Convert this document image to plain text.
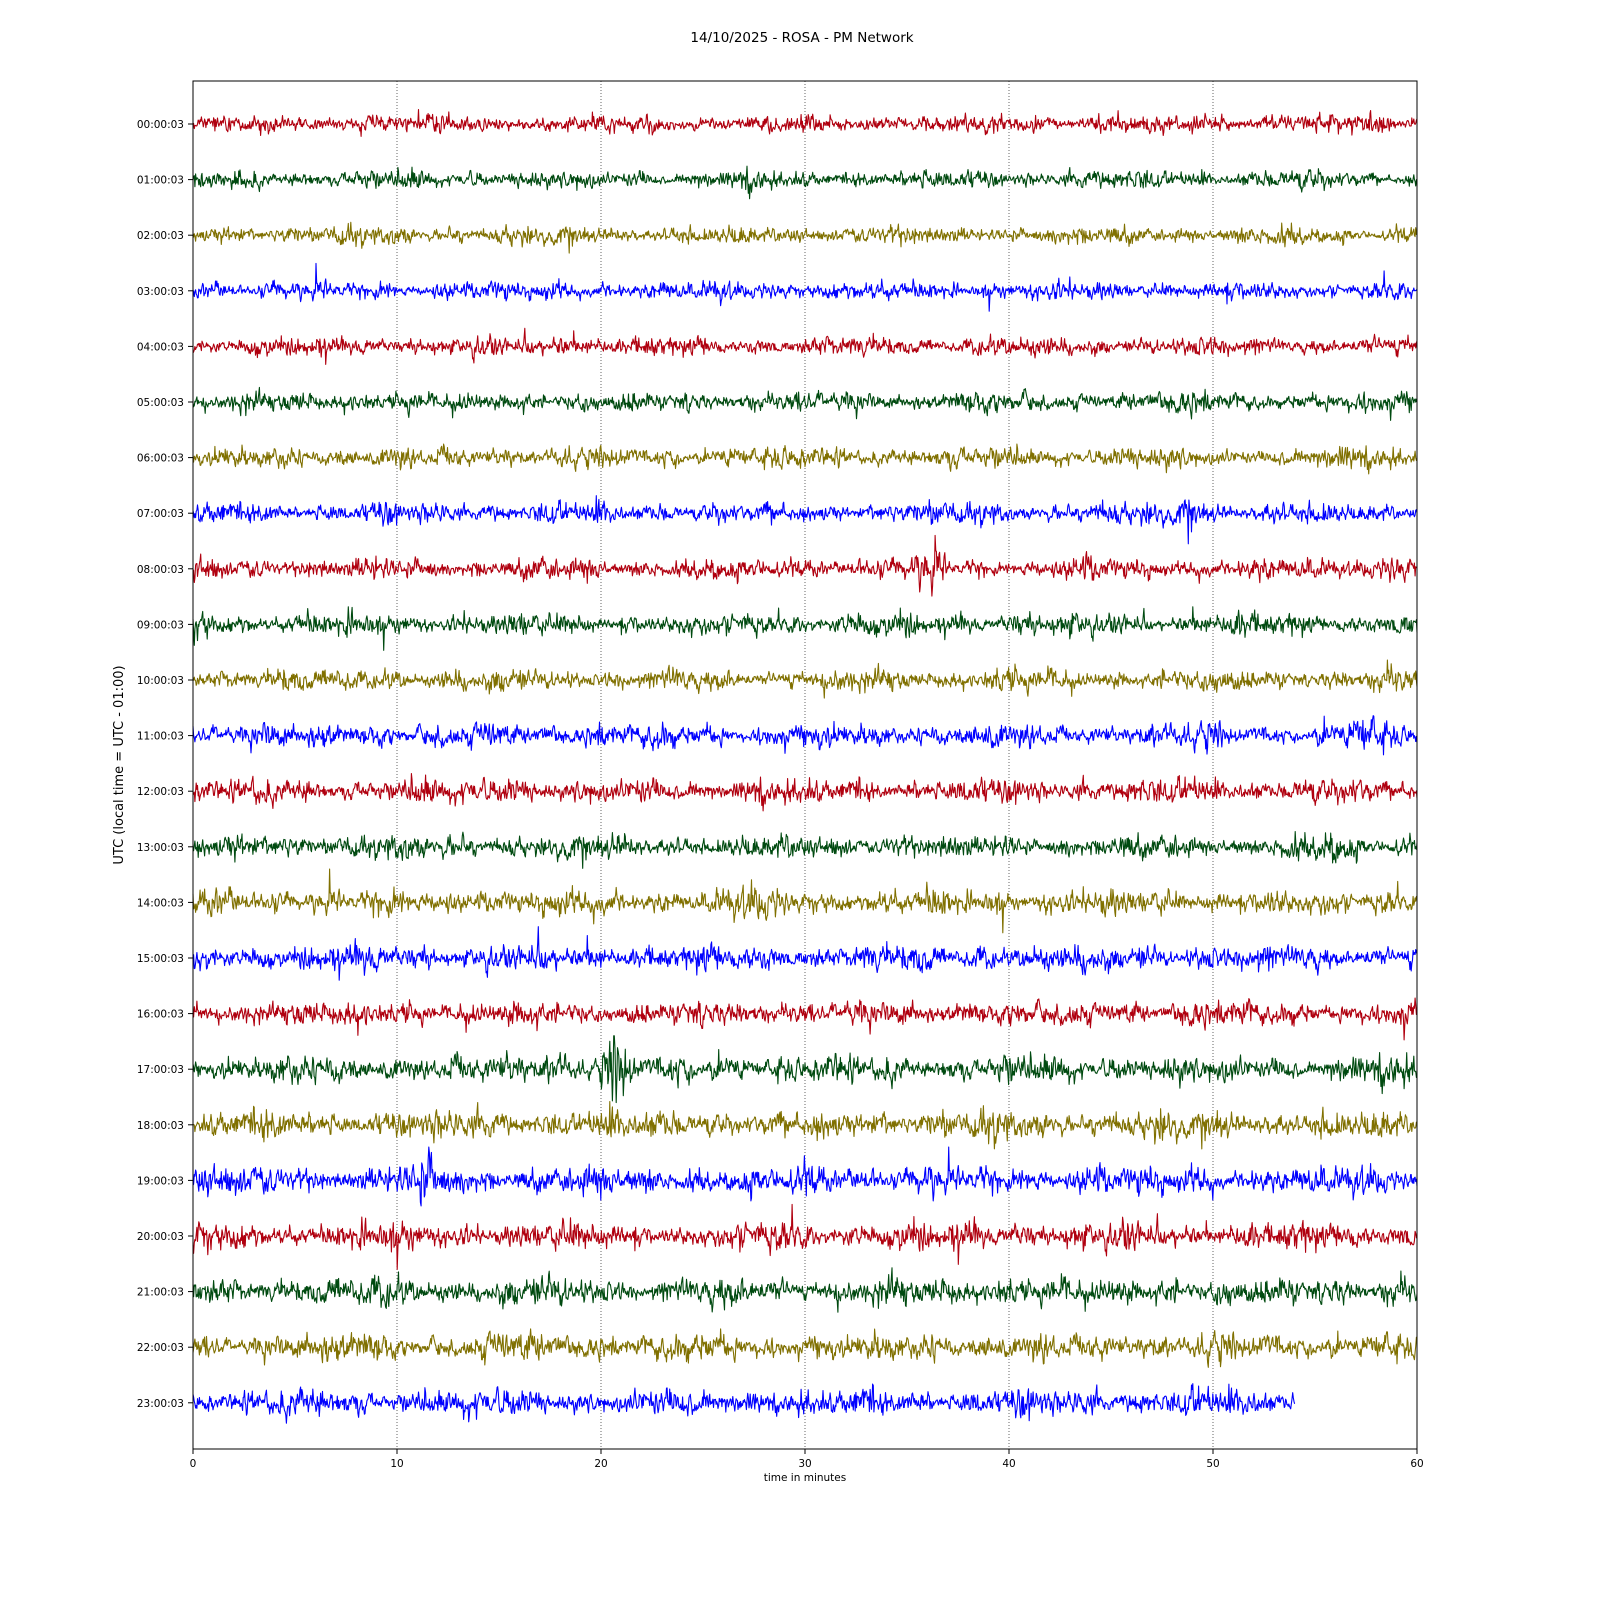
14/10/2025 - ROSA - PM Network
00:00:03
01:00:03
02:00:03
03:00:03
04:00:03
05:00:03
06:00:03
07:00:03
08:00:03
09:00:03
10:00:03
11:00:03
12:00:03
13:00:03
14:00:03
15:00:03
16:00:03
17:00:03
18:00:03
19:00:03
20:00:03
21:00:03
22:00:03
23:00:03
0	10	20	30	40	50	60
time in minutes
UTC (local time = UTC - 01:00)
